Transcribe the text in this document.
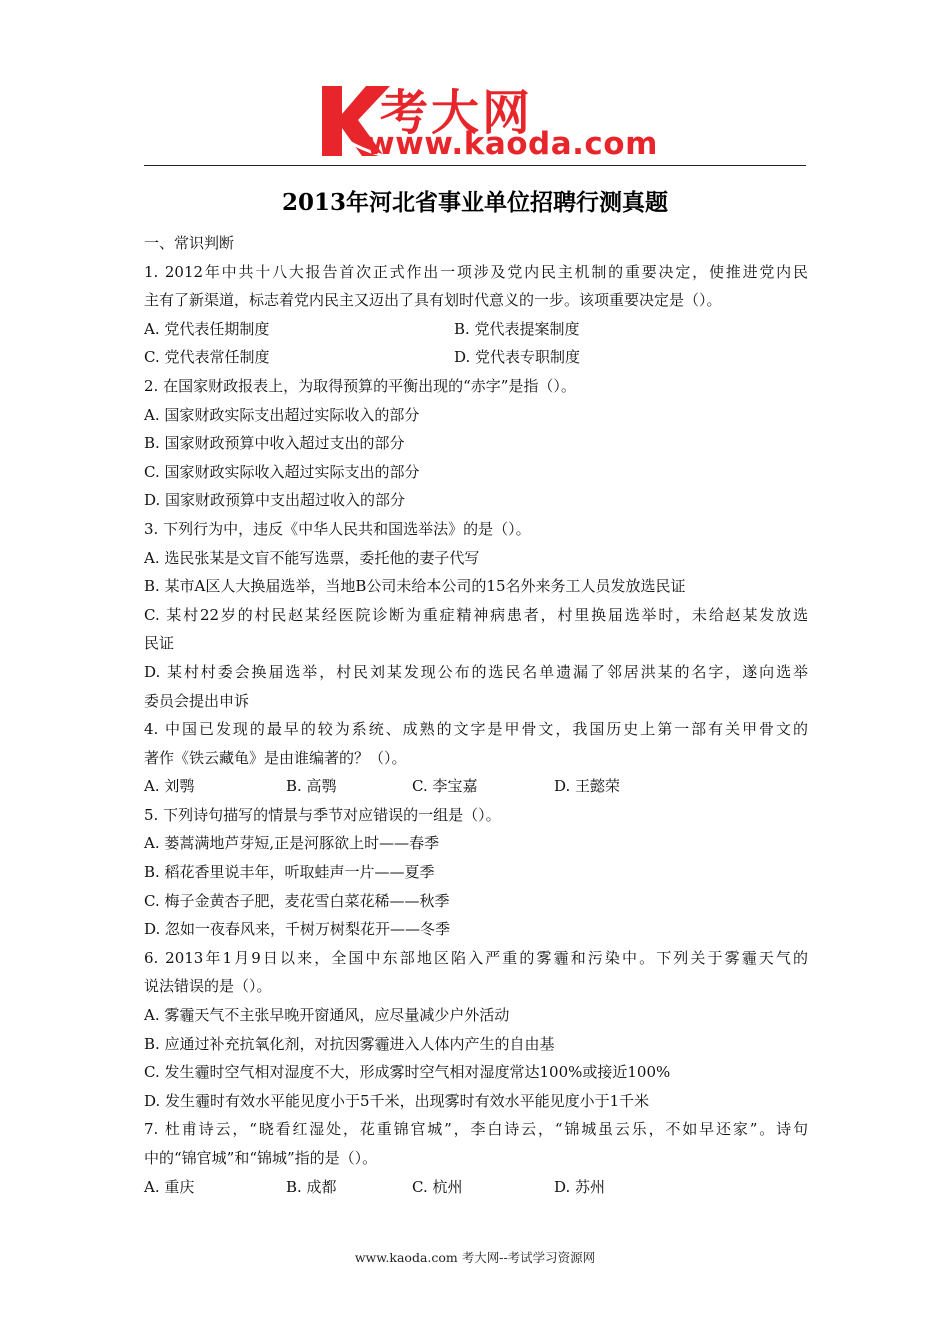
考大网
www.kaoda.com
2013年河北省事业单位招聘行测真题
一、常识判断
1. 2012年中共十八大报告首次正式作出一项涉及党内民主机制的重要决定，使推进党内民
主有了新渠道，标志着党内民主又迈出了具有划时代意义的一步。该项重要决定是（）。
A. 党代表任期制度	B. 党代表提案制度
C. 党代表常任制度	D. 党代表专职制度
2. 在国家财政报表上，为取得预算的平衡出现的“赤字”是指（）。
A. 国家财政实际支出超过实际收入的部分
B. 国家财政预算中收入超过支出的部分
C. 国家财政实际收入超过实际支出的部分
D. 国家财政预算中支出超过收入的部分
3. 下列行为中，违反《中华人民共和国选举法》的是（）。
A. 选民张某是文盲不能写选票，委托他的妻子代写
B. 某市A区人大换届选举，当地B公司未给本公司的15名外来务工人员发放选民证
C. 某村22岁的村民赵某经医院诊断为重症精神病患者，村里换届选举时，未给赵某发放选
民证
D. 某村村委会换届选举，村民刘某发现公布的选民名单遗漏了邻居洪某的名字，遂向选举
委员会提出申诉
4. 中国已发现的最早的较为系统、成熟的文字是甲骨文，我国历史上第一部有关甲骨文的
著作《铁云藏龟》是由谁编著的？（）。
A. 刘鹗	B. 高鹗	C. 李宝嘉	D. 王懿荣
5. 下列诗句描写的情景与季节对应错误的一组是（）。
A. 蒌蒿满地芦芽短,正是河豚欲上时——春季
B. 稻花香里说丰年，听取蛙声一片——夏季
C. 梅子金黄杏子肥，麦花雪白菜花稀——秋季
D. 忽如一夜春风来，千树万树梨花开——冬季
6. 2013年1月9日以来，全国中东部地区陷入严重的雾霾和污染中。下列关于雾霾天气的
说法错误的是（）。
A. 雾霾天气不主张早晚开窗通风，应尽量减少户外活动
B. 应通过补充抗氧化剂，对抗因雾霾进入人体内产生的自由基
C. 发生霾时空气相对湿度不大，形成雾时空气相对湿度常达100%或接近100%
D. 发生霾时有效水平能见度小于5千米，出现雾时有效水平能见度小于1千米
7. 杜甫诗云，“晓看红湿处，花重锦官城”，李白诗云，“锦城虽云乐，不如早还家”。诗句
中的“锦官城”和“锦城”指的是（）。
A. 重庆	B. 成都	C. 杭州	D. 苏州
www.kaoda.com 考大网--考试学习资源网
